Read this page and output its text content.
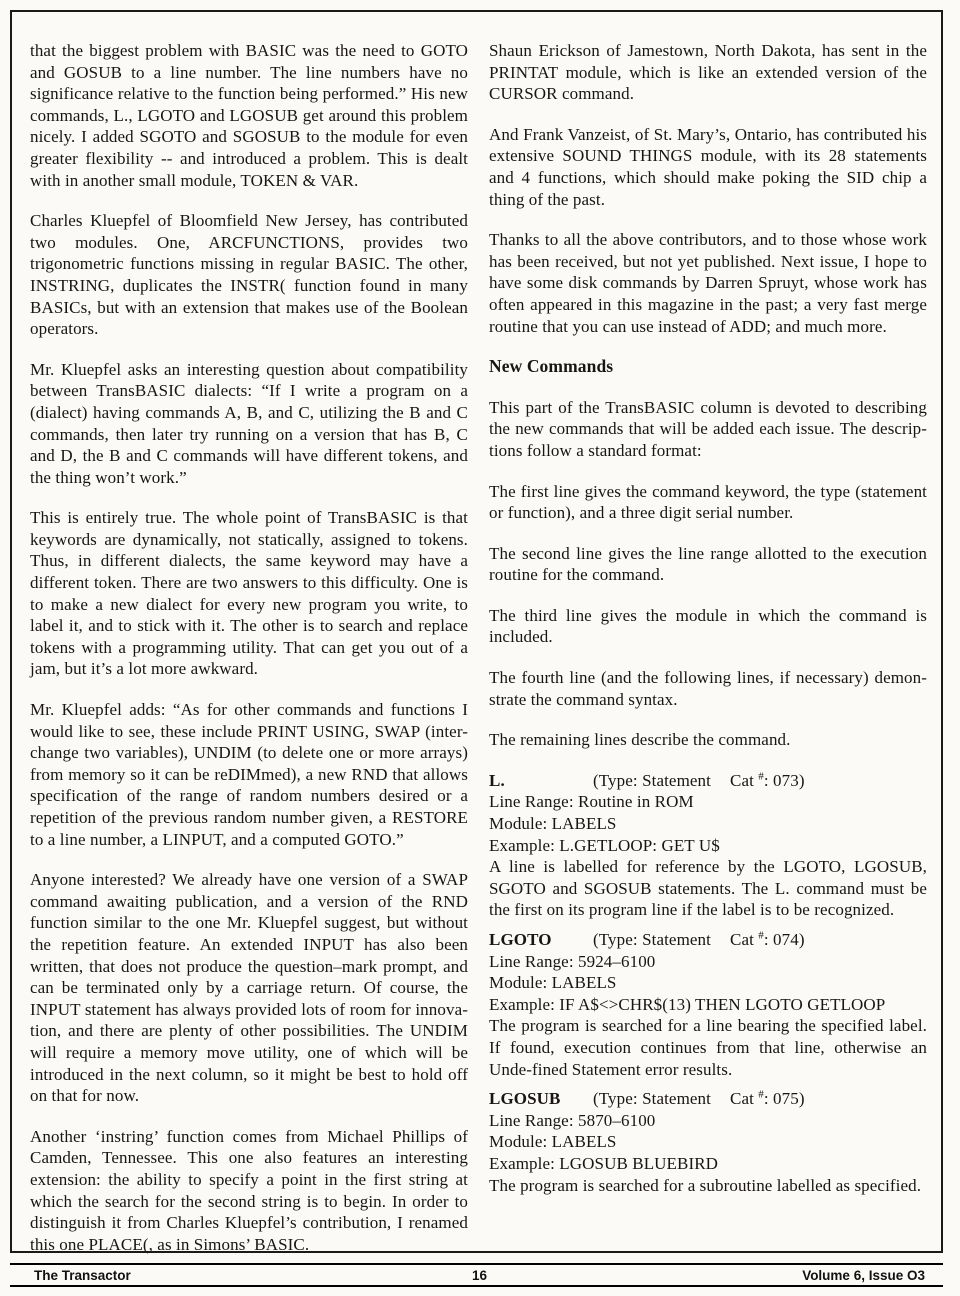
that the biggest problem with BASIC was the need to GOTO and GOSUB to a line number. The line numbers have no significance relative to the function being performed.” His new commands, L., LGOTO and LGOSUB get around this problem nicely. I added SGOTO and SGOSUB to the module for even greater flexibility -- and introduced a problem. This is dealt with in another small module, TOKEN & VAR.

Charles Kluepfel of Bloomfield New Jersey, has contributed two modules. One, ARCFUNCTIONS, provides two trigonometric functions missing in regular BASIC. The other, INSTRING, duplicates the INSTR( function found in many BASICs, but with an extension that makes use of the Boolean operators.

Mr. Kluepfel asks an interesting question about compatibility between TransBASIC dialects: “If I write a program on a (dialect) having commands A, B, and C, utilizing the B and C commands, then later try running on a version that has B, C and D, the B and C commands will have different tokens, and the thing won’t work.”

This is entirely true. The whole point of TransBASIC is that keywords are dynamically, not statically, assigned to tokens. Thus, in different dialects, the same keyword may have a different token. There are two answers to this difficulty. One is to make a new dialect for every new program you write, to label it, and to stick with it. The other is to search and replace tokens with a programming utility. That can get you out of a jam, but it’s a lot more awkward.

Mr. Kluepfel adds: “As for other commands and functions I would like to see, these include PRINT USING, SWAP (inter-change two variables), UNDIM (to delete one or more arrays) from memory so it can be reDIMmed), a new RND that allows specification of the range of random numbers desired or a repetition of the previous random number given, a RESTORE to a line number, a LINPUT, and a computed GOTO.”

Anyone interested? We already have one version of a SWAP command awaiting publication, and a version of the RND function similar to the one Mr. Kluepfel suggest, but without the repetition feature. An extended INPUT has also been written, that does not produce the question–mark prompt, and can be terminated only by a carriage return. Of course, the INPUT statement has always provided lots of room for innova-tion, and there are plenty of other possibilities. The UNDIM will require a memory move utility, one of which will be introduced in the next column, so it might be best to hold off on that for now.

Another ‘instring’ function comes from Michael Phillips of Camden, Tennessee. This one also features an interesting extension: the ability to specify a point in the first string at which the search for the second string is to begin. In order to distinguish it from Charles Kluepfel’s contribution, I renamed this one PLACE(, as in Simons’ BASIC.

Shaun Erickson of Jamestown, North Dakota, has sent in the PRINTAT module, which is like an extended version of the CURSOR command.

And Frank Vanzeist, of St. Mary’s, Ontario, has contributed his extensive SOUND THINGS module, with its 28 statements and 4 functions, which should make poking the SID chip a thing of the past.

Thanks to all the above contributors, and to those whose work has been received, but not yet published. Next issue, I hope to have some disk commands by Darren Spruyt, whose work has often appeared in this magazine in the past; a very fast merge routine that you can use instead of ADD; and much more.

New Commands

This part of the TransBASIC column is devoted to describing the new commands that will be added each issue. The descrip-tions follow a standard format:

The first line gives the command keyword, the type (statement or function), and a three digit serial number.

The second line gives the line range allotted to the execution routine for the command.

The third line gives the module in which the command is included.

The fourth line (and the following lines, if necessary) demon-strate the command syntax.

The remaining lines describe the command.

L.	(Type: Statement	Cat #: 073)
Line Range: Routine in ROM
Module: LABELS
Example: L.GETLOOP: GET U$

A line is labelled for reference by the LGOTO, LGOSUB, SGOTO and SGOSUB statements. The L. command must be the first on its program line if the label is to be recognized.

LGOTO	(Type: Statement	Cat #: 074)
Line Range: 5924–6100
Module: LABELS
Example: IF A$<>CHR$(13) THEN LGOTO GETLOOP

The program is searched for a line bearing the specified label. If found, execution continues from that line, otherwise an Unde-fined Statement error results.

LGOSUB	(Type: Statement	Cat #: 075)
Line Range: 5870–6100
Module: LABELS
Example: LGOSUB BLUEBIRD

The program is searched for a subroutine labelled as specified.

The Transactor	16	Volume 6, Issue O3
